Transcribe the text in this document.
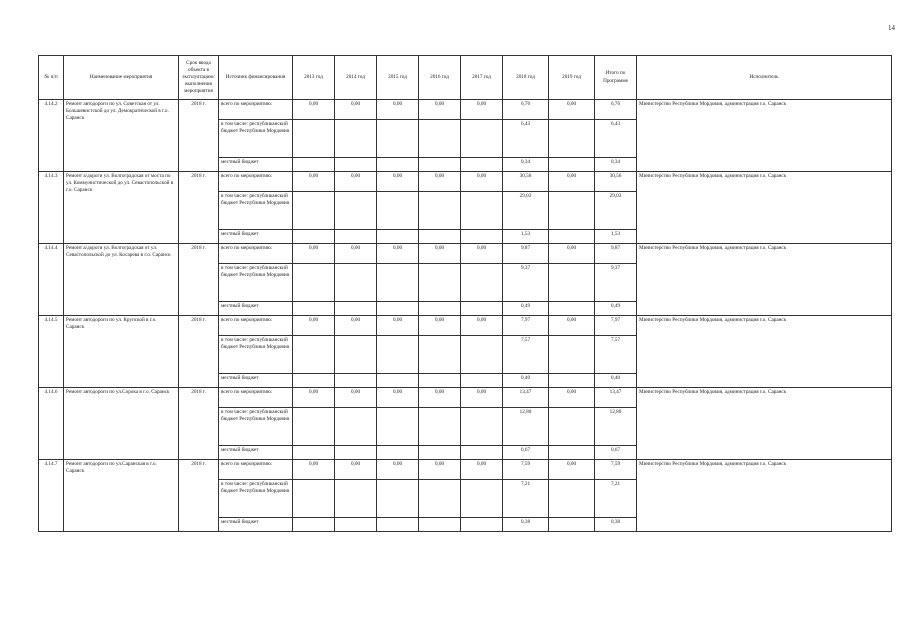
14
№ п/п	Наименование мероприятия	Срок ввода объекта в эксплуатацию/ выполнения мероприятия	Источник финансирования	2013 год	2014 год	2015 год	2016 год	2017 год	2018 год	2019 год	Итого по Программе	Исполнитель
4.14.2	Ремонт автодороги по ул. Советская от ул. Большевистской до ул. Демократической в г.о. Саранск	2018 г.	всего по мероприятию:	0,00	0,00	0,00	0,00	0,00	6,76	0,00	6,76	Министерство Республики Мордовия, администрация г.о. Саранск
			в том числе: республиканский бюджет Республики Мордовия						6,43		6,43	
			местный бюджет						0,34		0,34	
4.14.3	Ремонт а/дороги ул. Волгоградская от моста по ул. Коммунистической до ул. Севастопольской в г.о. Саранск	2018 г.	всего по мероприятию:	0,00	0,00	0,00	0,00	0,00	30,56	0,00	30,56	Министерство Республики Мордовия, администрация г.о. Саранск
			в том числе: республиканский бюджет Республики Мордовия						29,03		29,03	
			местный бюджет						1,53		1,53	
4.14.4	Ремонт а/дороги ул. Волгоградская от ул. Севастопольской до ул. Косарева в г.о. Саранск	2018 г.	всего по мероприятию:	0,00	0,00	0,00	0,00	0,00	9,87	0,00	9,87	Министерство Республики Мордовия, администрация г.о. Саранск
			в том числе: республиканский бюджет Республики Мордовия						9,37		9,37	
			местный бюджет						0,49		0,49	
4.14.5	Ремонт автодороги по ул. Крупской в г.о. Саранск	2018 г.	всего по мероприятию:	0,00	0,00	0,00	0,00	0,00	7,97	0,00	7,97	Министерство Республики Мордовия, администрация г.о. Саранск
			в том числе: республиканский бюджет Республики Мордовия						7,57		7,57	
			местный бюджет						0,40		0,40	
4.14.6	Ремонт автодороги по ул.Сорока в г.о. Саранск	2018 г.	всего по мероприятию:	0,00	0,00	0,00	0,00	0,00	13,47	0,00	13,47	Министерство Республики Мордовия, администрация г.о. Саранск
			в том числе: республиканский бюджет Республики Мордовия						12,80		12,80	
			местный бюджет						0,67		0,67	
4.14.7	Ремонт автодороги по ул.Саранская в г.о. Саранск	2018 г.	всего по мероприятию:	0,00	0,00	0,00	0,00	0,00	7,59	0,00	7,59	Министерство Республики Мордовия, администрация г.о. Саранск
			в том числе: республиканский бюджет Республики Мордовия						7,21		7,21	
			местный бюджет						0,38		0,38	
